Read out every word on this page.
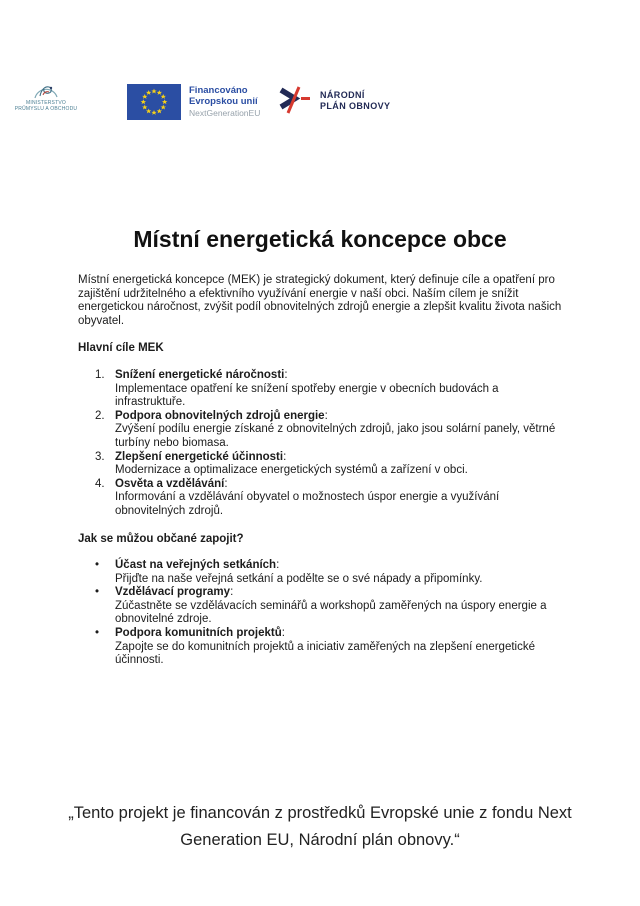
Financováno
Evropskou unií
NextGenerationEU
NÁRODNÍ
PLÁN OBNOVY
MINISTERSTVO
PRŮMYSLU A OBCHODU
Místní energetická koncepce obce

Místní energetická koncepce (MEK) je strategický dokument, který definuje cíle a opatření pro zajištění udržitelného a efektivního využívání energie v naší obci. Naším cílem je snížit energetickou náročnost, zvýšit podíl obnovitelných zdrojů energie a zlepšit kvalitu života našich obyvatel.

Hlavní cíle MEK
1. Snížení energetické náročnosti:
Implementace opatření ke snížení spotřeby energie v obecních budovách a infrastruktuře.
2. Podpora obnovitelných zdrojů energie:
Zvýšení podílu energie získané z obnovitelných zdrojů, jako jsou solární panely, větrné turbíny nebo biomasa.
3. Zlepšení energetické účinnosti:
Modernizace a optimalizace energetických systémů a zařízení v obci.
4. Osvěta a vzdělávání:
Informování a vzdělávání obyvatel o možnostech úspor energie a využívání obnovitelných zdrojů.
Jak se můžou občané zapojit?
•	Účast na veřejných setkáních:
Přijďte na naše veřejná setkání a podělte se o své nápady a připomínky.
•	Vzdělávací programy:
Zúčastněte se vzdělávacích seminářů a workshopů zaměřených na úspory energie a obnovitelné zdroje.
•	Podpora komunitních projektů:
Zapojte se do komunitních projektů a iniciativ zaměřených na zlepšení energetické účinnosti.
„Tento projekt je financován z prostředků Evropské unie z fondu Next Generation EU, Národní plán obnovy.“
